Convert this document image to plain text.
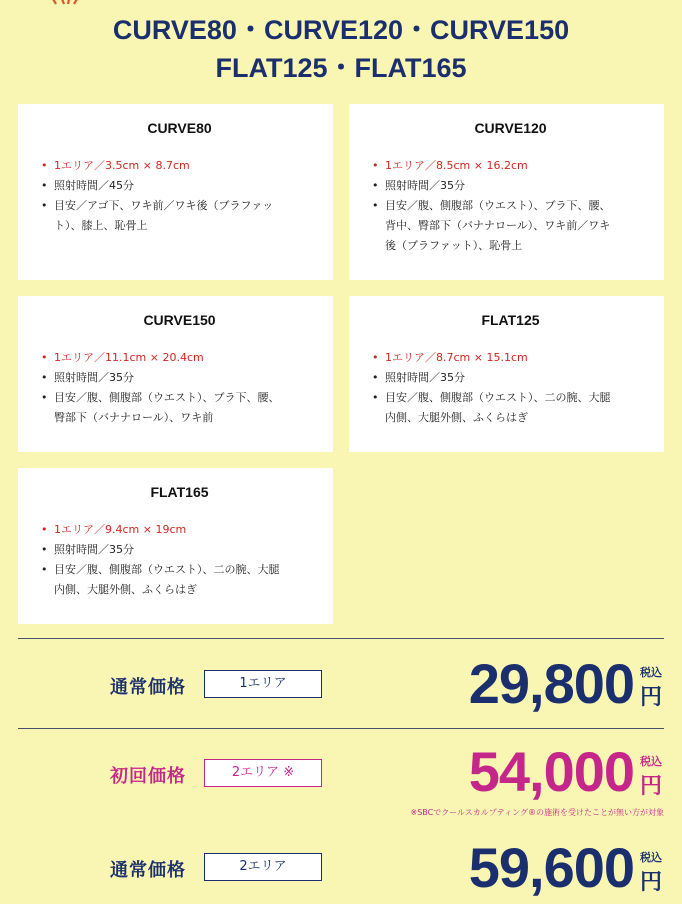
CURVE80・CURVE120・CURVE150
FLAT125・FLAT165
CURVE80
• 1エリア／3.5cm × 8.7cm
• 照射時間／45分
• 目安／アゴ下、ワキ前／ワキ後（ブラファッ
ト）、膝上、恥骨上
CURVE120
• 1エリア／8.5cm × 16.2cm
• 照射時間／35分
• 目安／腹、側腹部（ウエスト）、ブラ下、腰、
背中、臀部下（バナナロール）、ワキ前／ワキ
後（ブラファット）、恥骨上
CURVE150
• 1エリア／11.1cm × 20.4cm
• 照射時間／35分
• 目安／腹、側腹部（ウエスト）、ブラ下、腰、
臀部下（バナナロール）、ワキ前
FLAT125
• 1エリア／8.7cm × 15.1cm
• 照射時間／35分
• 目安／腹、側腹部（ウエスト）、二の腕、大腿
内側、大腿外側、ふくらはぎ
FLAT165
• 1エリア／9.4cm × 19cm
• 照射時間／35分
• 目安／腹、側腹部（ウエスト）、二の腕、大腿
内側、大腿外側、ふくらはぎ
通常価格	1エリア	29,800 税込
円
初回価格	2エリア ※	54,000 税込
円
※SBCでクールスカルプティング®の施術を受けたことが無い方が対象
通常価格	2エリア	59,600 税込
円
